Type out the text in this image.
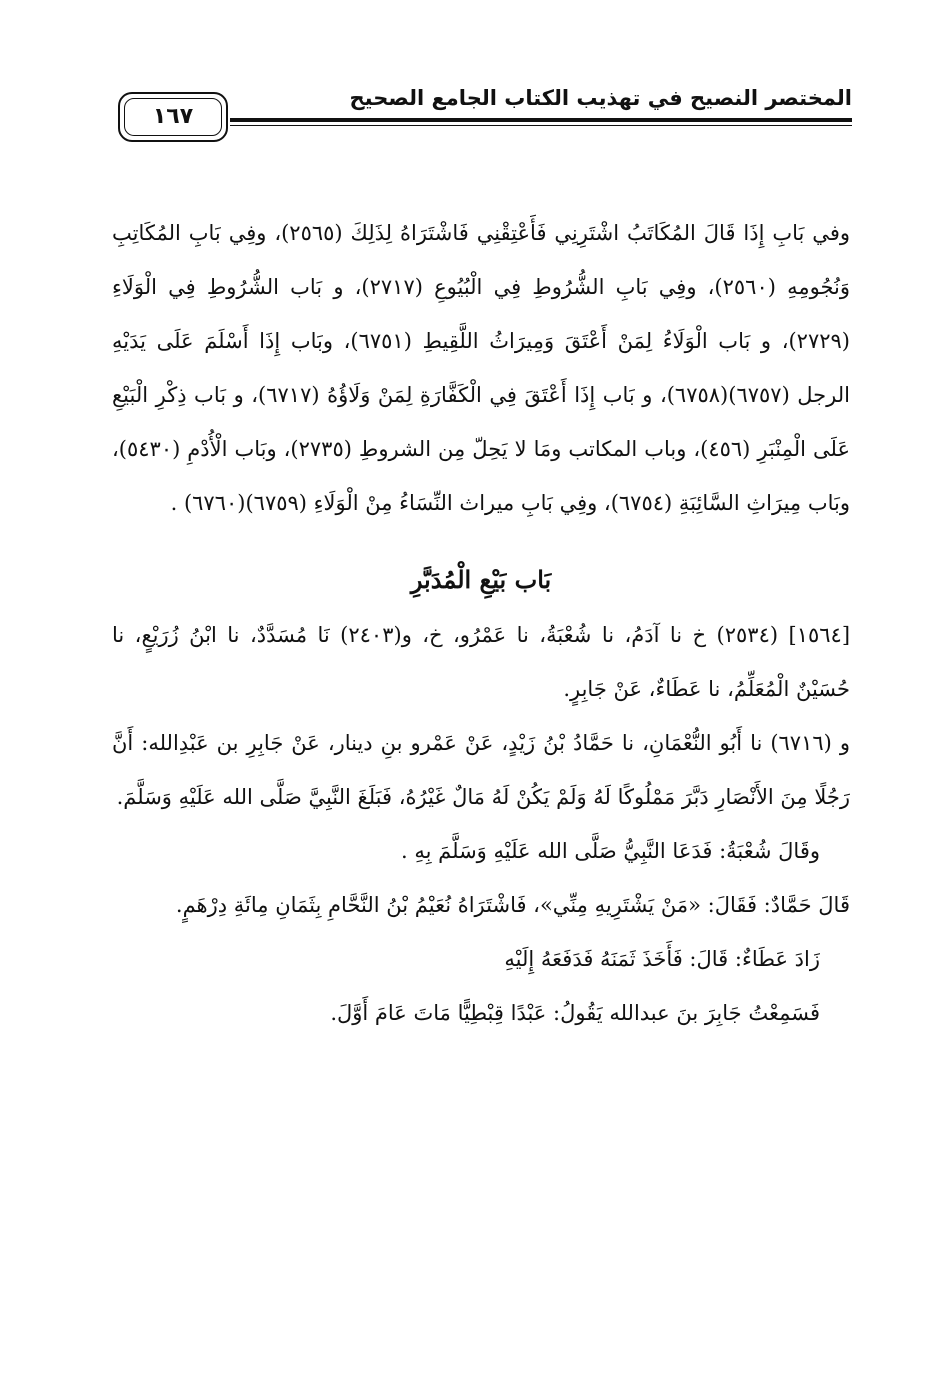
المختصر النصيح في تهذيب الكتاب الجامع الصحيح
١٦٧

وفي بَابِ إِذَا قَالَ المُكَاتَبُ اشْتَرِنِي فَأَعْتِقْنِي فَاشْتَرَاهُ لِذَلِكَ (٢٥٦٥)، وفِي بَابِ المُكَاتِبِ وَنُجُومِهِ (٢٥٦٠)، وفِي بَابِ الشُّرُوطِ فِي الْبُيُوعِ (٢٧١٧)، و بَاب الشُّرُوطِ فِي الْوَلَاءِ (٢٧٢٩)، و بَاب الْوَلَاءُ لِمَنْ أَعْتَقَ وَمِيرَاثُ اللَّقِيطِ (٦٧٥١)، وبَاب إِذَا أَسْلَمَ عَلَى يَدَيْهِ الرجل (٦٧٥٧)(٦٧٥٨)، و بَاب إِذَا أَعْتَقَ فِي الْكَفَّارَةِ لِمَنْ وَلَاؤُهُ (٦٧١٧)، و بَاب ذِكْرِ الْبَيْعِ عَلَى الْمِنْبَرِ (٤٥٦)، وباب المكاتب ومَا لا يَحِلّ مِن الشروطِ (٢٧٣٥)، وبَاب الْأُدْمِ (٥٤٣٠)، وبَاب مِيرَاثِ السَّائِبَةِ (٦٧٥٤)، وفِي بَابِ ميراث النِّسَاءُ مِنْ الْوَلَاءِ (٦٧٥٩)(٦٧٦٠) .

بَاب بَيْعِ الْمُدَبَّرِ

[١٥٦٤] (٢٥٣٤) خ نا آدَمُ، نا شُعْبَةُ، نا عَمْرُو، خ، و(٢٤٠٣) نَا مُسَدَّدٌ، نا ابْنُ زُرَيْعٍ، نا حُسَيْنٌ الْمُعَلِّمُ، نا عَطَاءٌ، عَنْ جَابِرٍ.

و (٦٧١٦) نا أَبُو النُّعْمَانِ، نا حَمَّادُ بْنُ زَيْدٍ، عَنْ عَمْرو بنِ دينار، عَنْ جَابِرِ بن عَبْدِالله: أَنَّ رَجُلًا مِنَ الأَنْصَارِ دَبَّرَ مَمْلُوكًا لَهُ وَلَمْ يَكُنْ لَهُ مَالٌ غَيْرُهُ، فَبَلَغَ النَّبِيَّ صَلَّى الله عَلَيْهِ وَسَلَّمَ.

وقَالَ شُعْبَةُ: فَدَعَا النَّبِيُّ صَلَّى الله عَلَيْهِ وَسَلَّمَ بِهِ .

قَالَ حَمَّادٌ: فَقَالَ: «مَنْ يَشْتَرِيهِ مِنِّي»، فَاشْتَرَاهُ نُعَيْمُ بْنُ النَّحَّامِ بِثَمَانِ مِائَةِ دِرْهَمٍ.

زَادَ عَطَاءٌ: قَالَ: فَأَخَذَ ثَمَنَهُ فَدَفَعَهُ إِلَيْهِ

فَسَمِعْتُ جَابِرَ بنَ عبدالله يَقُولُ: عَبْدًا قِبْطِيًّا مَاتَ عَامَ أَوَّلَ.
